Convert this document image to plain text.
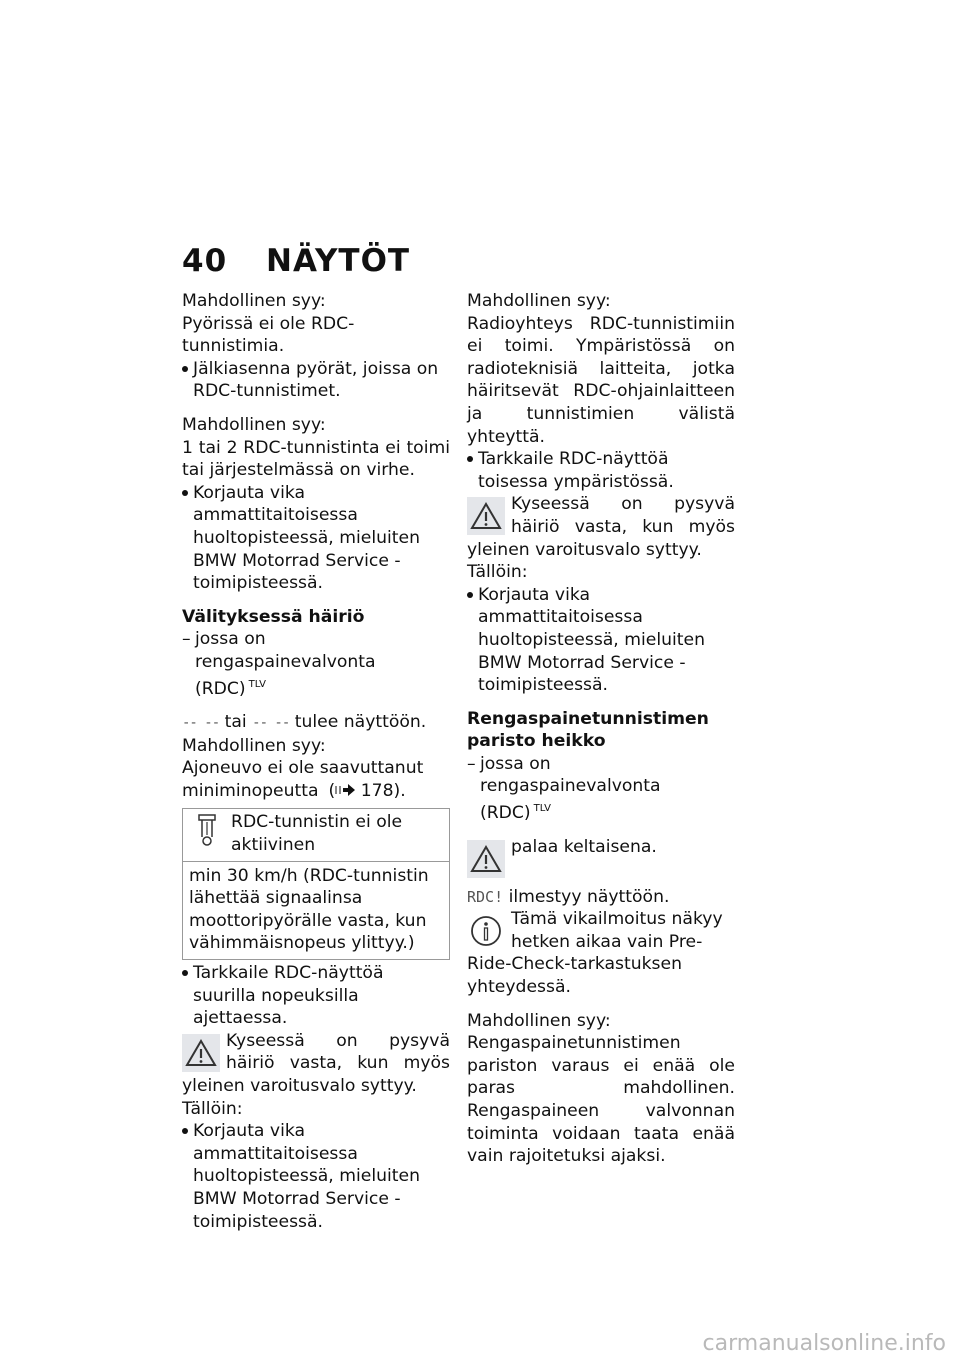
40 NÄYTÖT

Mahdollinen syy:

Pyörissä ei ole RDC-tunnistimia.

Jälkiasenna pyörät, joissa on RDC-tunnistimet.

Mahdollinen syy:

1 tai 2 RDC-tunnistinta ei toimi tai järjestelmässä on virhe.

Korjauta vika ammattitaitoisessa huoltopisteessä, mieluiten BMW Motorrad Service -toimipisteessä.

Välityksessä häiriö

– jossa on rengaspainevalvonta (RDC) $^{TLV}$

-- -- tai -- -- tulee näyttöön.

Mahdollinen syy:

Ajoneuvo ei ole saavuttanut miniminopeutta ( 178).

RDC-tunnistin ei ole aktiivinen
min 30 km/h (RDC-tunnistin lähettää signaalinsa moottoripyörälle vasta, kun vähimmäisnopeus ylittyy.)

Tarkkaile RDC-näyttöä suurilla nopeuksilla ajettaessa.

Kyseessä on pysyvä häiriö vasta, kun myös yleinen varoitusvalo syttyy.

Tällöin:

Korjauta vika ammattitaitoisessa huoltopisteessä, mieluiten BMW Motorrad Service -toimipisteessä.

Mahdollinen syy:

Radioyhteys RDC-tunnistimiin ei toimi. Ympäristössä on radioteknisiä laitteita, jotka häiritsevät RDC-ohjainlaitteen ja tunnistimien välistä yhteyttä.

Tarkkaile RDC-näyttöä toisessa ympäristössä.

Kyseessä on pysyvä häiriö vasta, kun myös yleinen varoitusvalo syttyy.

Tällöin:

Korjauta vika ammattitaitoisessa huoltopisteessä, mieluiten BMW Motorrad Service -toimipisteessä.

Rengaspainetunnistimen paristo heikko

– jossa on rengaspainevalvonta (RDC) $^{TLV}$

palaa keltaisena.

RDC! ilmestyy näyttöön.

Tämä vikailmoitus näkyy hetken aikaa vain Pre-Ride-Check-tarkastuksen yhteydessä.

Mahdollinen syy:

Rengaspainetunnistimen pariston varaus ei enää ole paras mahdollinen. Rengaspaineen valvonnan toiminta voidaan taata enää vain rajoitetuksi ajaksi.

carmanualsonline.info
